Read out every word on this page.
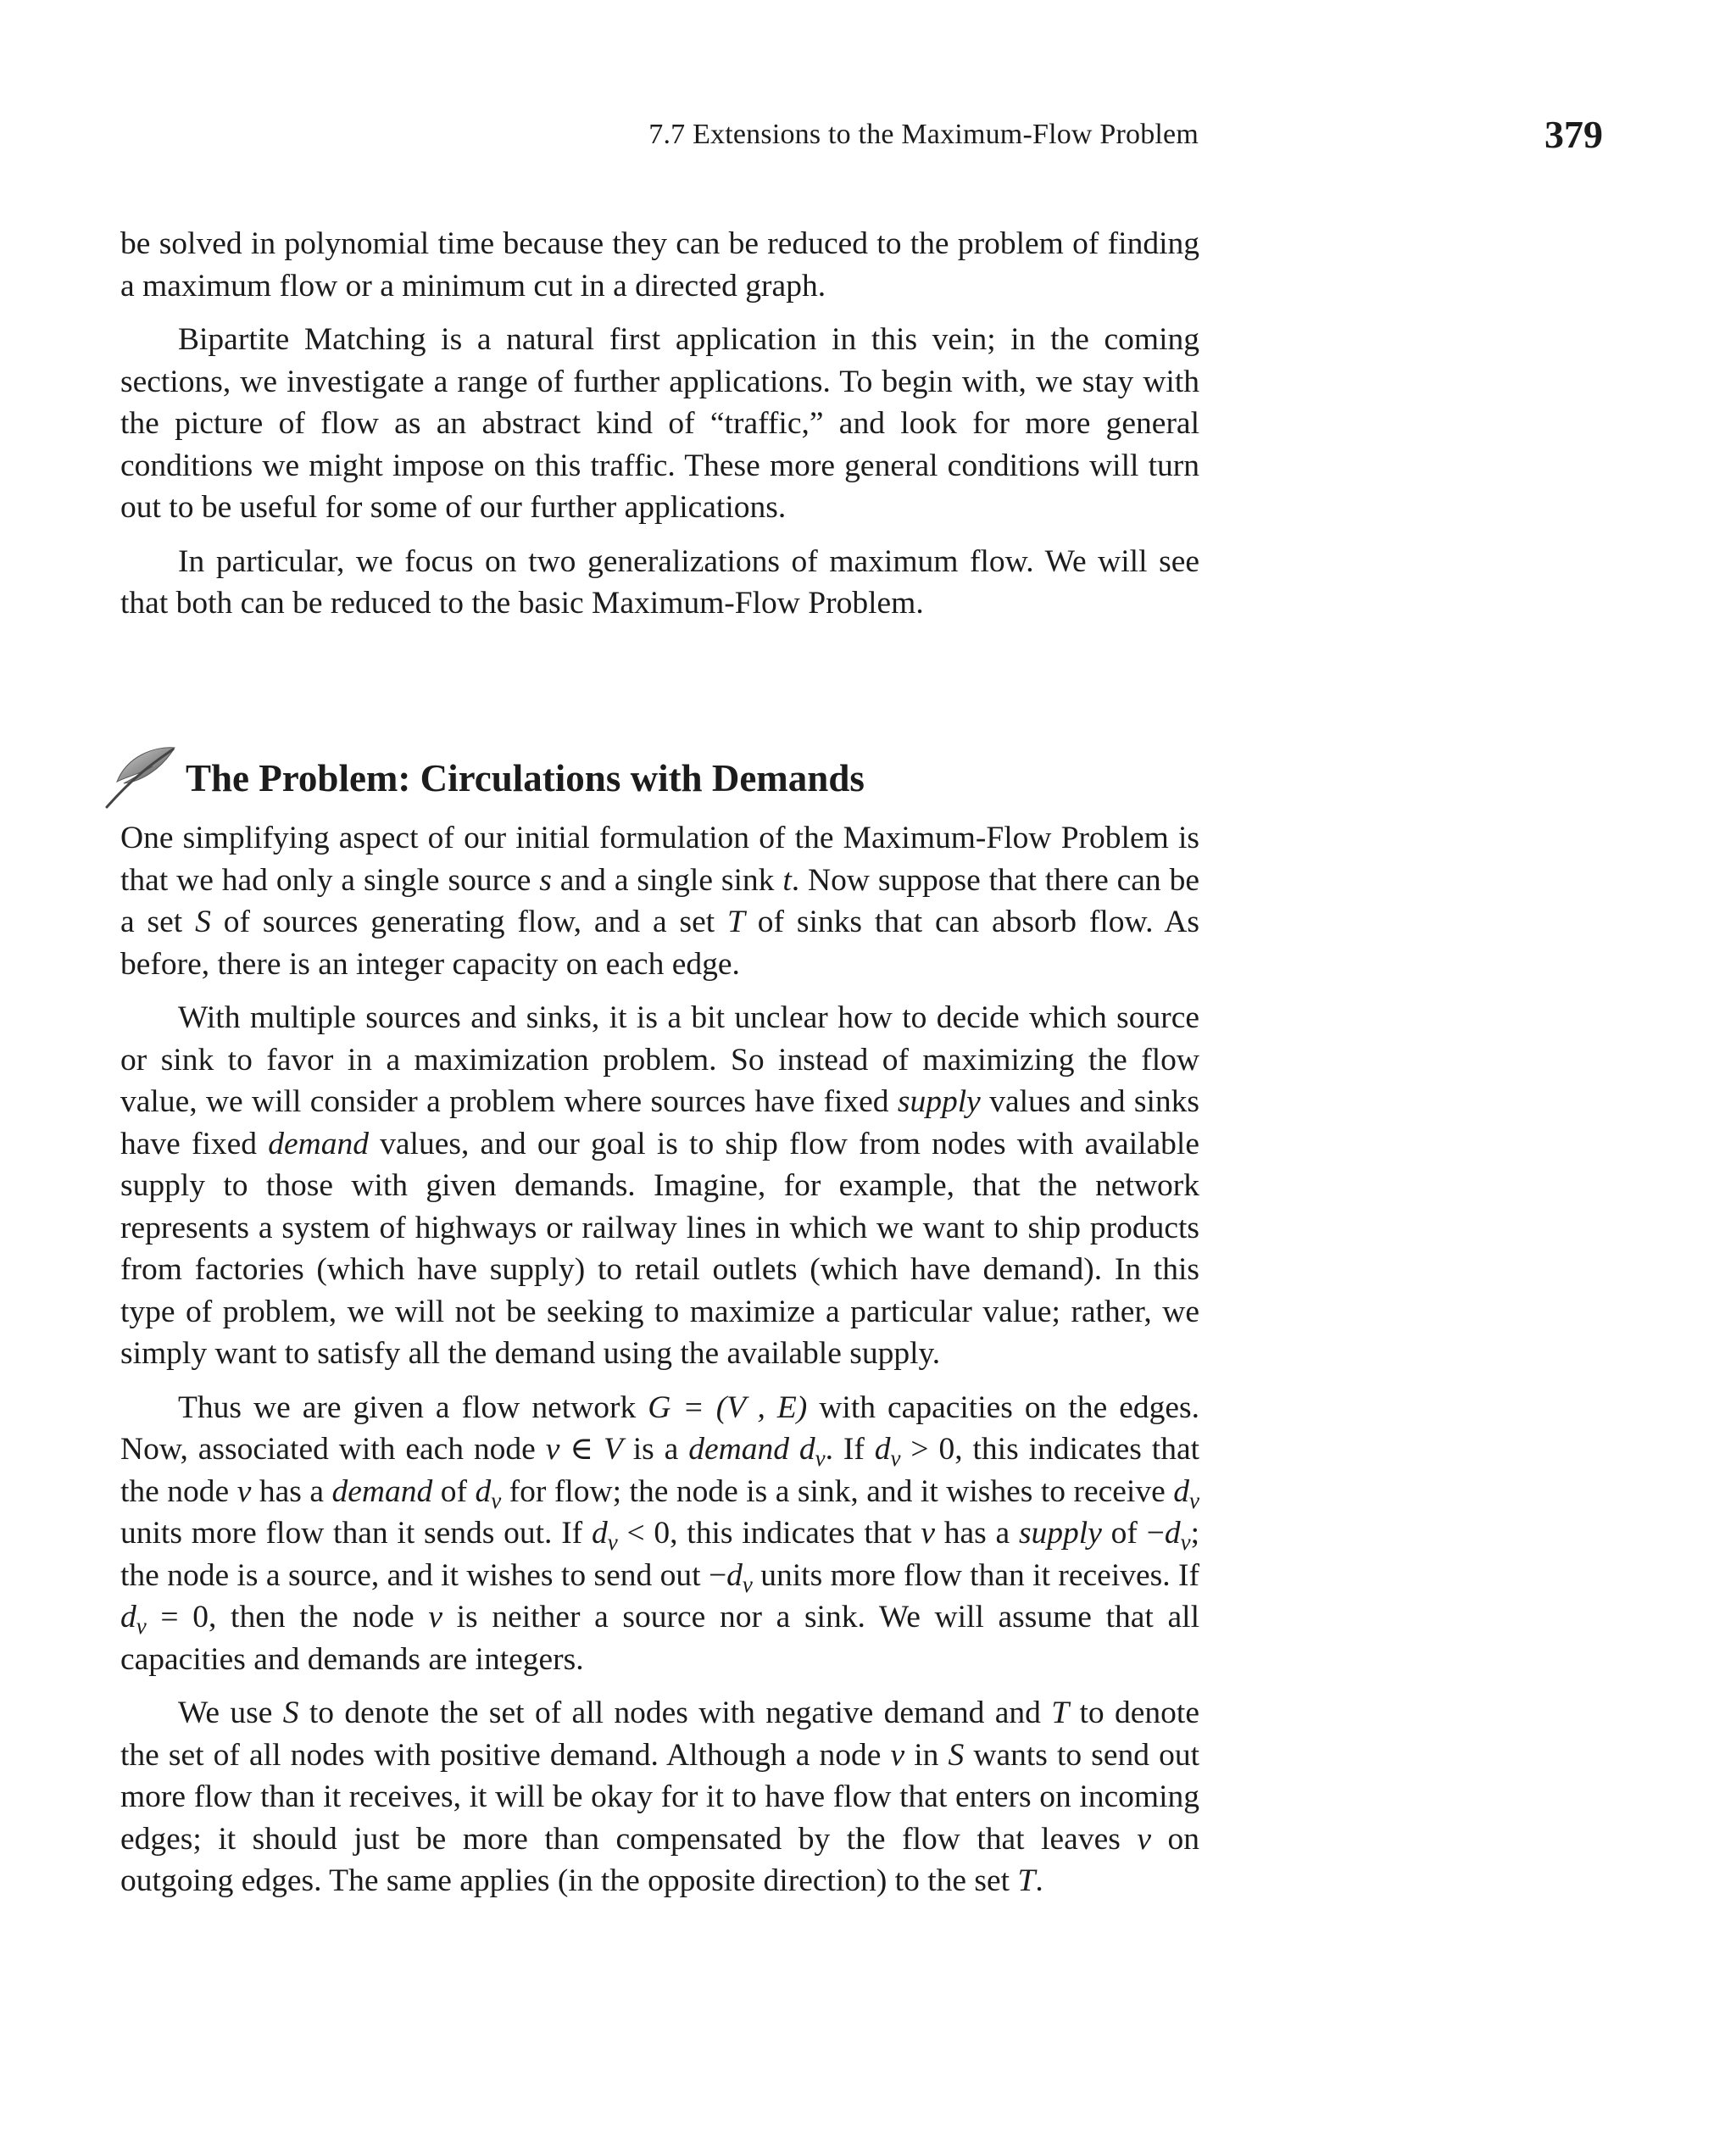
7.7 Extensions to the Maximum-Flow Problem	379

be solved in polynomial time because they can be reduced to the problem of finding a maximum flow or a minimum cut in a directed graph.

Bipartite Matching is a natural first application in this vein; in the coming sections, we investigate a range of further applications. To begin with, we stay with the picture of flow as an abstract kind of “traffic,” and look for more general conditions we might impose on this traffic. These more general conditions will turn out to be useful for some of our further applications.

In particular, we focus on two generalizations of maximum flow. We will see that both can be reduced to the basic Maximum-Flow Problem.

The Problem: Circulations with Demands

One simplifying aspect of our initial formulation of the Maximum-Flow Problem is that we had only a single source s and a single sink t. Now suppose that there can be a set S of sources generating flow, and a set T of sinks that can absorb flow. As before, there is an integer capacity on each edge.

With multiple sources and sinks, it is a bit unclear how to decide which source or sink to favor in a maximization problem. So instead of maximizing the flow value, we will consider a problem where sources have fixed supply values and sinks have fixed demand values, and our goal is to ship flow from nodes with available supply to those with given demands. Imagine, for example, that the network represents a system of highways or railway lines in which we want to ship products from factories (which have supply) to retail outlets (which have demand). In this type of problem, we will not be seeking to maximize a particular value; rather, we simply want to satisfy all the demand using the available supply.

Thus we are given a flow network G = (V , E) with capacities on the edges. Now, associated with each node v ∈ V is a demand $d_v$. If $d_v > 0$, this indicates that the node v has a demand of $d_v$ for flow; the node is a sink, and it wishes to receive $d_v$ units more flow than it sends out. If $d_v < 0$, this indicates that v has a supply of $-d_v$; the node is a source, and it wishes to send out $-d_v$ units more flow than it receives. If $d_v = 0$, then the node v is neither a source nor a sink. We will assume that all capacities and demands are integers.

We use S to denote the set of all nodes with negative demand and T to denote the set of all nodes with positive demand. Although a node v in S wants to send out more flow than it receives, it will be okay for it to have flow that enters on incoming edges; it should just be more than compensated by the flow that leaves v on outgoing edges. The same applies (in the opposite direction) to the set T.
